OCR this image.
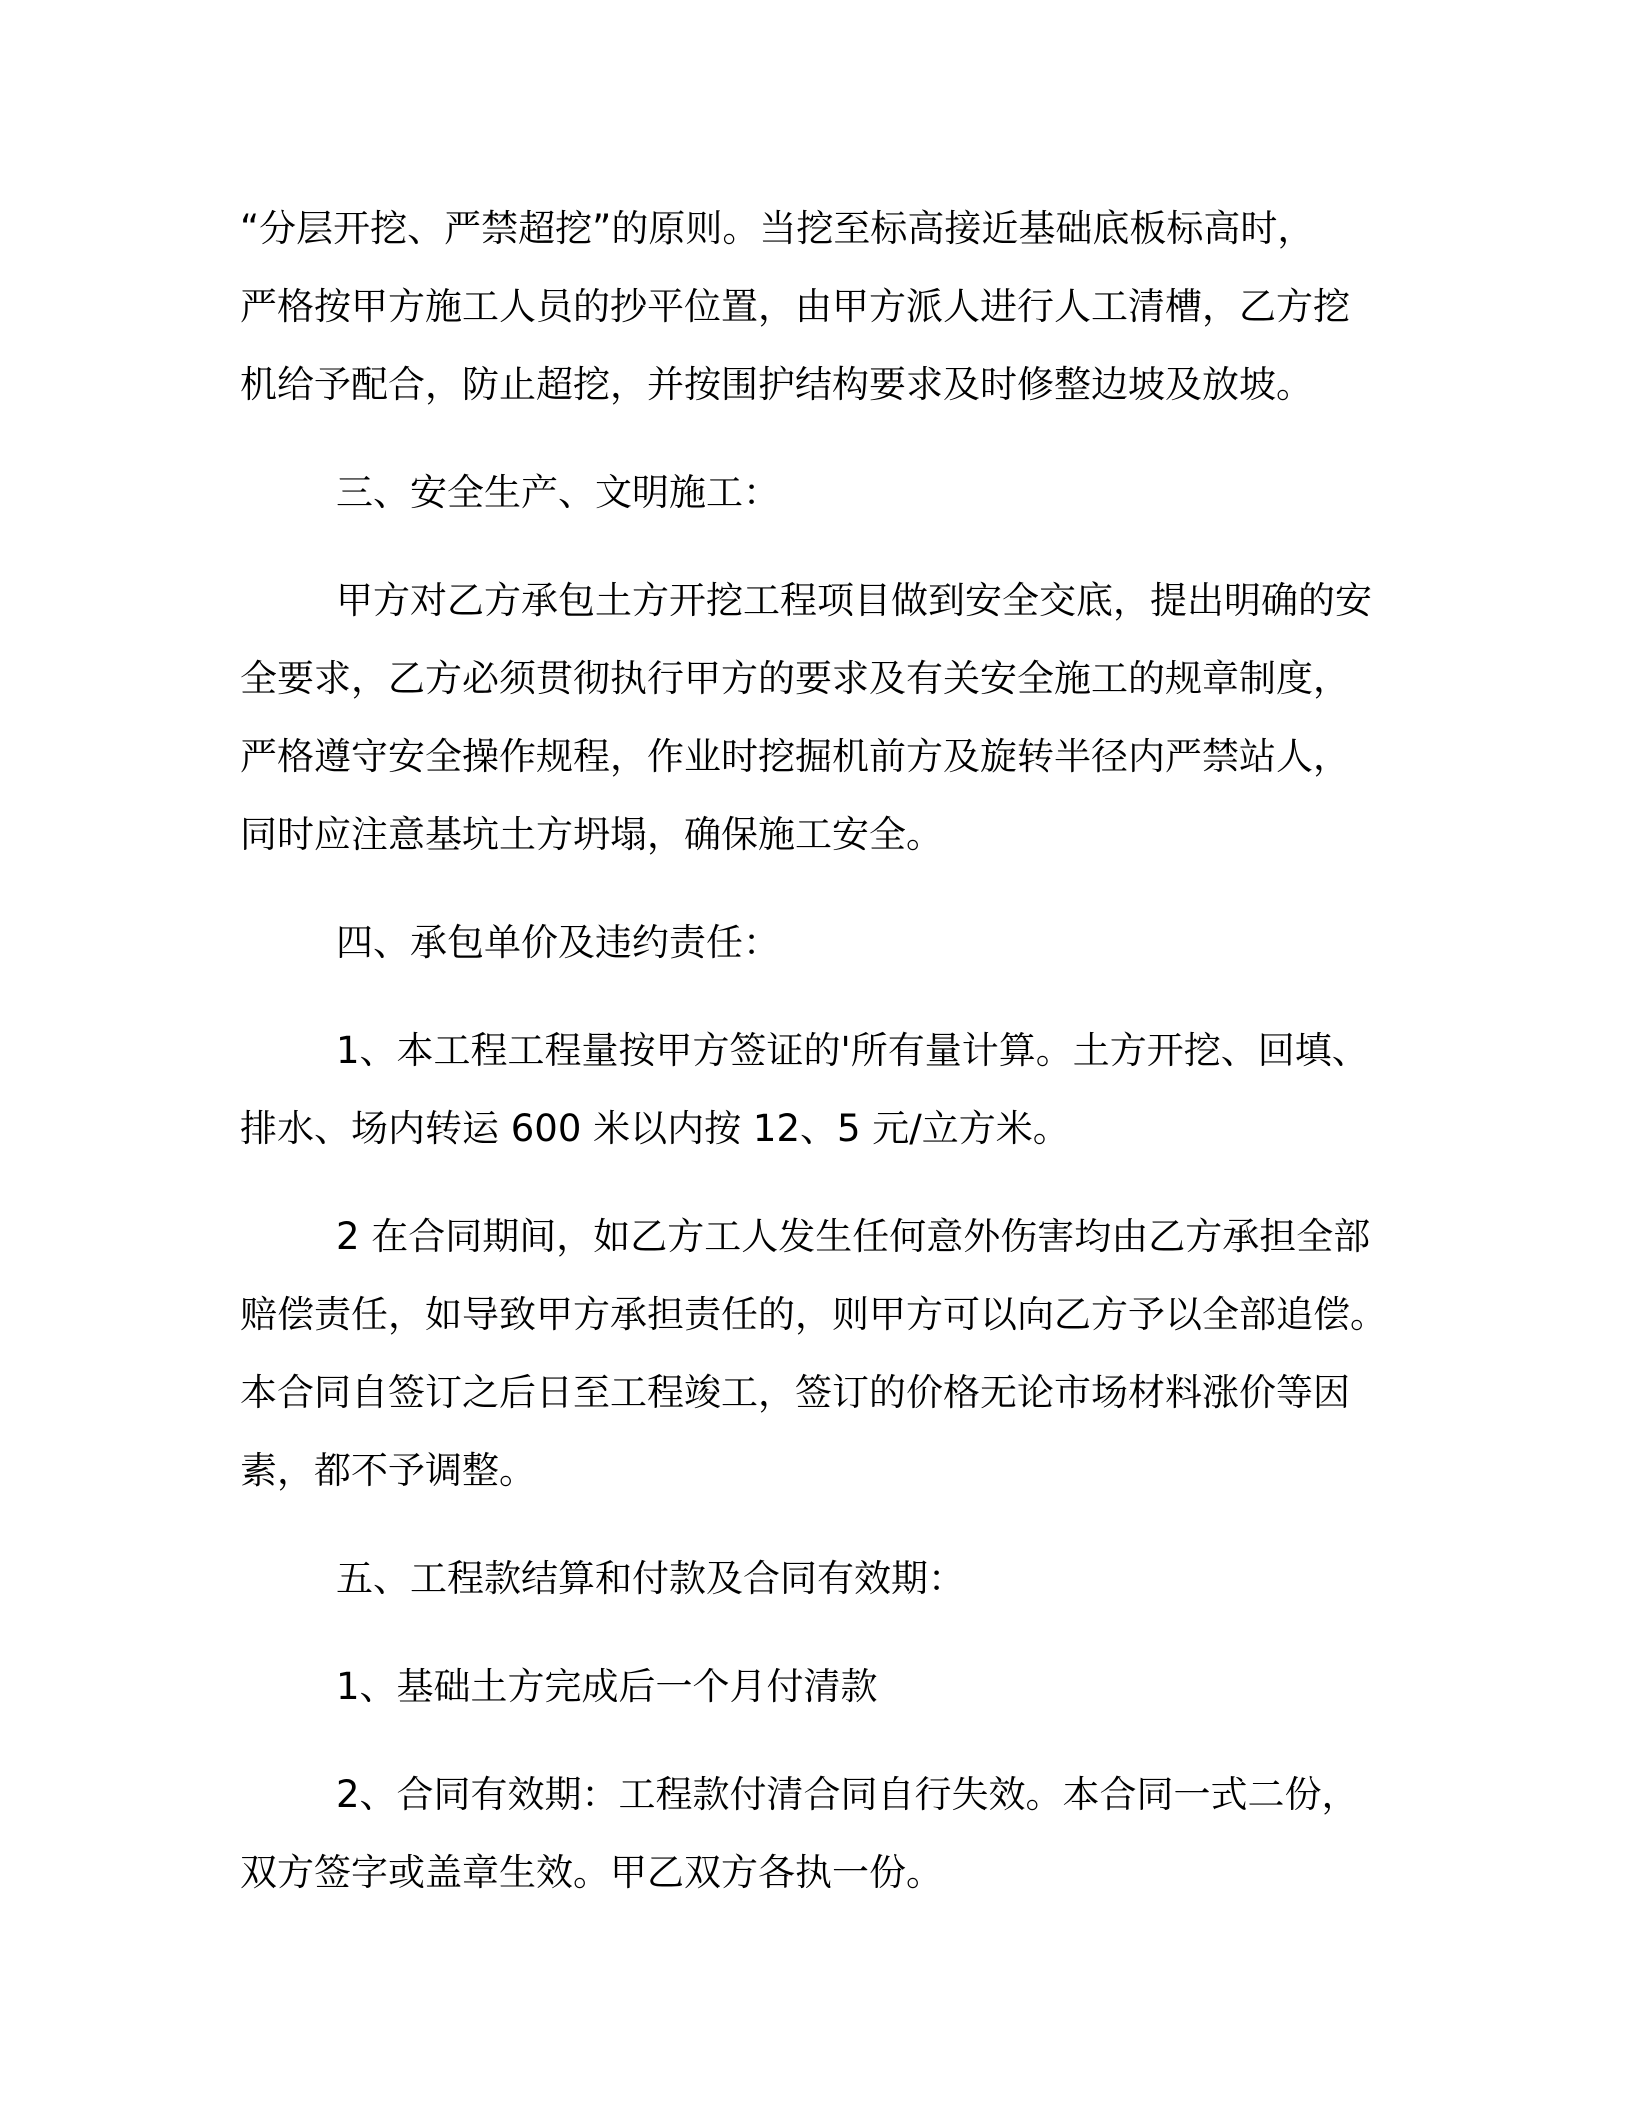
“分层开挖、严禁超挖”的原则。当挖至标高接近基础底板标高时，
严格按甲方施工人员的抄平位置，由甲方派人进行人工清槽，乙方挖
机给予配合，防止超挖，并按围护结构要求及时修整边坡及放坡。
三、安全生产、文明施工：
甲方对乙方承包土方开挖工程项目做到安全交底，提出明确的安
全要求，乙方必须贯彻执行甲方的要求及有关安全施工的规章制度，
严格遵守安全操作规程，作业时挖掘机前方及旋转半径内严禁站人，
同时应注意基坑土方坍塌，确保施工安全。
四、承包单价及违约责任：
1、本工程工程量按甲方签证的'所有量计算。土方开挖、回填、
排水、场内转运 600 米以内按 12、5 元/立方米。
2 在合同期间，如乙方工人发生任何意外伤害均由乙方承担全部
赔偿责任，如导致甲方承担责任的，则甲方可以向乙方予以全部追偿。
本合同自签订之后日至工程竣工，签订的价格无论市场材料涨价等因
素，都不予调整。
五、工程款结算和付款及合同有效期：
1、基础土方完成后一个月付清款
2、合同有效期：工程款付清合同自行失效。本合同一式二份，
双方签字或盖章生效。甲乙双方各执一份。
